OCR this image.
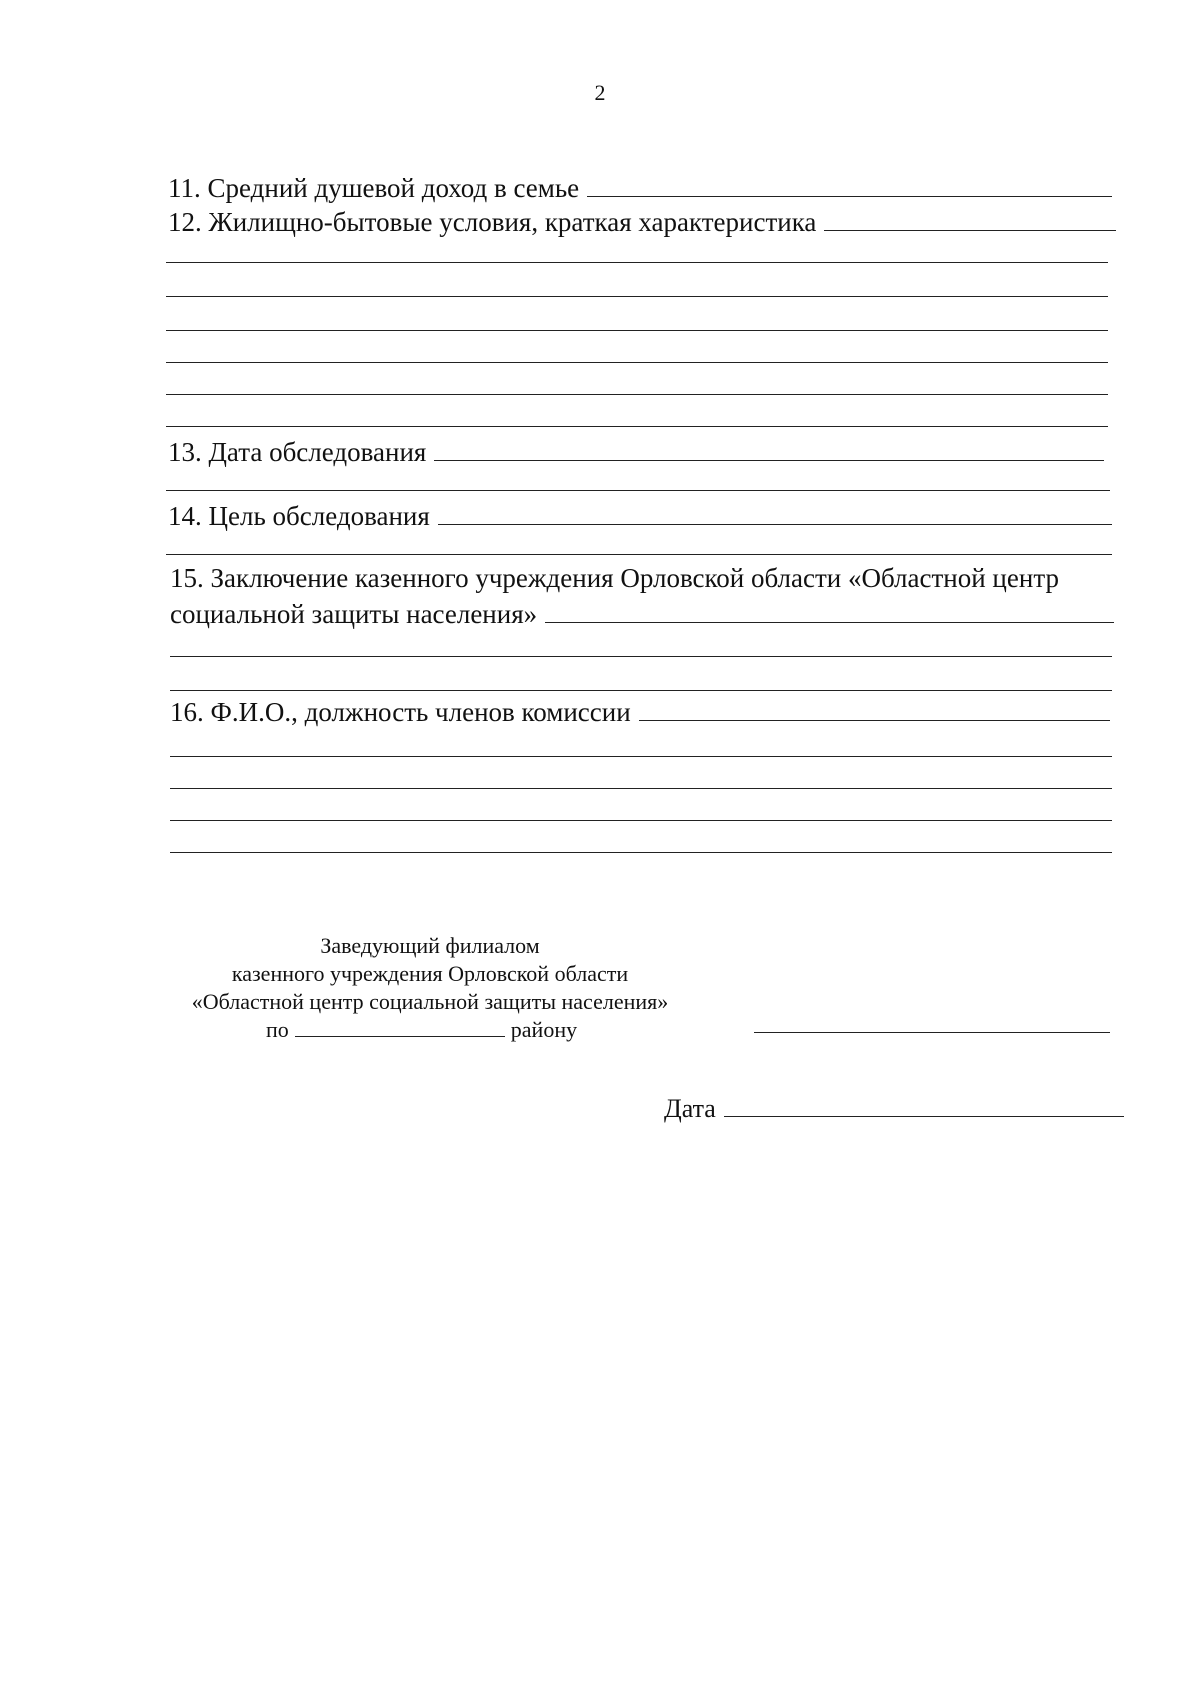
2
11. Средний душевой доход в семье
12. Жилищно-бытовые условия, краткая характеристика
13. Дата обследования
14. Цель обследования
15. Заключение казенного учреждения Орловской области «Областной центр
социальной защиты населения»
16. Ф.И.О., должность членов комиссии
Заведующий филиалом
казенного учреждения Орловской области
«Областной центр социальной защиты населения»
по	району
Дата
